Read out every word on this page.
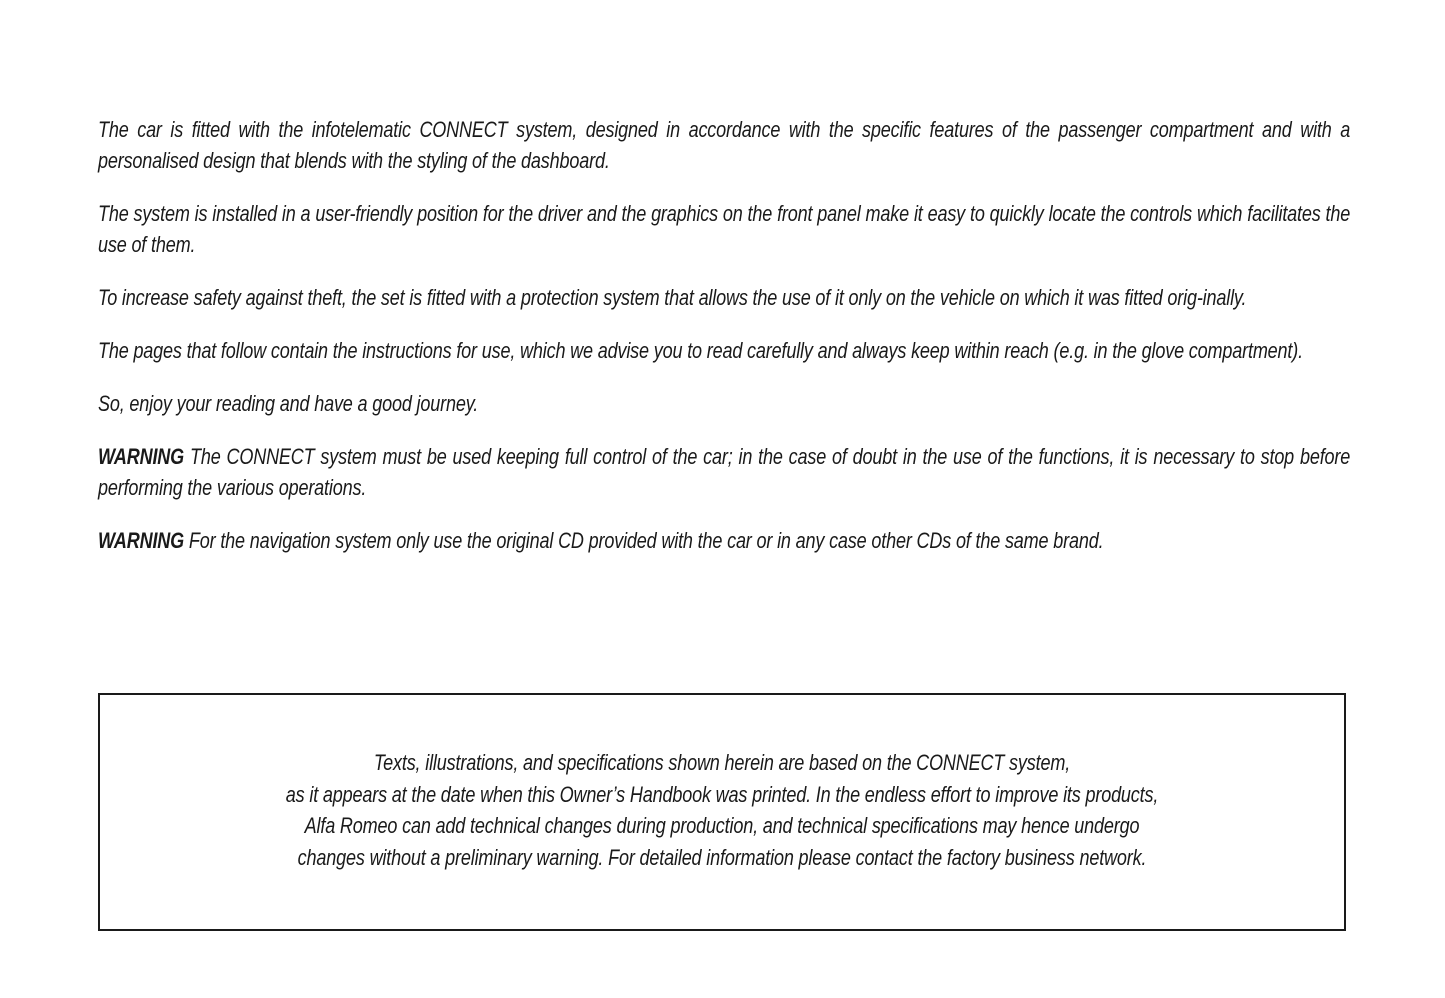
The car is fitted with the infotelematic CONNECT system, designed in accordance with the specific features of the passenger compartment and with a personalised design that blends with the styling of the dashboard.

The system is installed in a user-friendly position for the driver and the graphics on the front panel make it easy to quickly locate the controls which facilitates the use of them.

To increase safety against theft, the set is fitted with a protection system that allows the use of it only on the vehicle on which it was fitted orig-inally.

The pages that follow contain the instructions for use, which we advise you to read carefully and always keep within reach (e.g. in the glove compartment).

So, enjoy your reading and have a good journey.

WARNING The CONNECT system must be used keeping full control of the car; in the case of doubt in the use of the functions, it is necessary to stop before performing the various operations.

WARNING For the navigation system only use the original CD provided with the car or in any case other CDs of the same brand.

Texts, illustrations, and specifications shown herein are based on the CONNECT system,
as it appears at the date when this Owner’s Handbook was printed. In the endless effort to improve its products,
Alfa Romeo can add technical changes during production, and technical specifications may hence undergo
changes without a preliminary warning. For detailed information please contact the factory business network.
